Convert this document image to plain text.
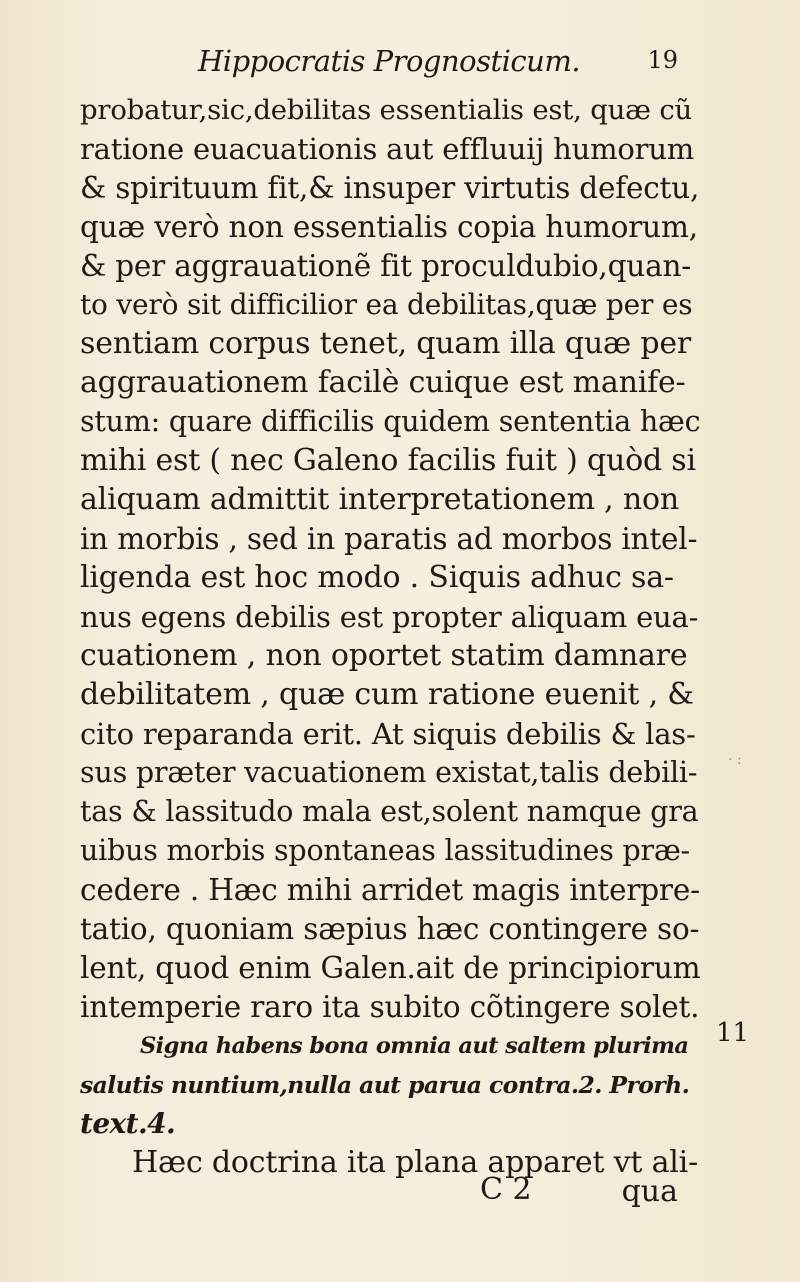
Hippocratis Prognosticum.	19
probatur,sic,debilitas essentialis est, quæ cũ
ratione euacuationis aut effluuij humorum
& spirituum fit,& insuper virtutis defectu,
quæ verò non essentialis copia humorum,
& per aggrauationẽ fit proculdubio,quan-
to verò sit difficilior ea debilitas,quæ per es
sentiam corpus tenet, quam illa quæ per
aggrauationem facilè cuique est manife-
stum: quare difficilis quidem sententia hæc
mihi est ( nec Galeno facilis fuit ) quòd si
aliquam admittit interpretationem , non
in morbis , sed in paratis ad morbos intel-
ligenda est hoc modo . Siquis adhuc sa-
nus egens debilis est propter aliquam eua-
cuationem , non oportet statim damnare
debilitatem , quæ cum ratione euenit , &
cito reparanda erit. At siquis debilis & las-
sus præter vacuationem existat,talis debili-
tas & lassitudo mala est,solent namque gra
uibus morbis spontaneas lassitudines præ-
cedere . Hæc mihi arridet magis interpre-
tatio, quoniam sæpius hæc contingere so-
lent, quod enim Galen.ait de principiorum
intemperie raro ita subito cõtingere solet.
Signa habens bona omnia aut saltem plurima
salutis nuntium,nulla aut parua contra.2. Prorh.
text.4.
Hæc doctrina ita plana apparet vt ali-
· :
11
C 2	qua
